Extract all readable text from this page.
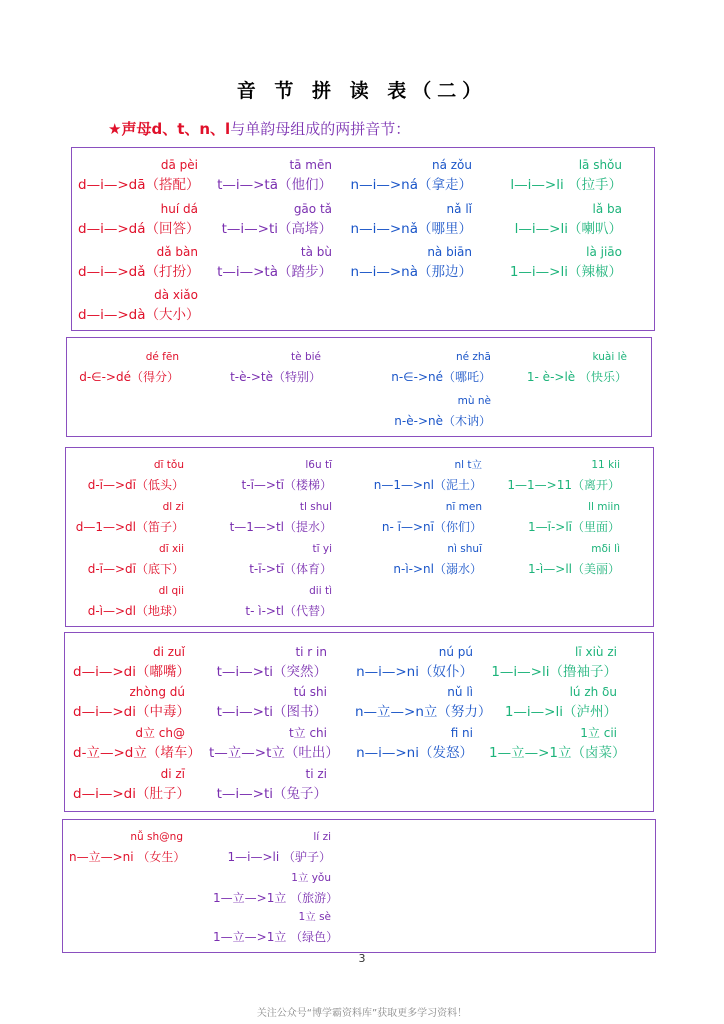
音 节 拼 读 表（二）
★声母d、t、n、l与单韵母组成的两拼音节：
dā pèi
d—i—>dā（搭配）
tā mēn
t—i—>tā（他们）
ná zǒu
n—i—>ná（拿走）
lā shǒu
l—i—>li （拉手）
huí dá
d—i—>dá（回答）
gāo tǎ
t—i—>ti（高塔）
nǎ lǐ
n—i—>nǎ（哪里）
lǎ ba
l—i—>li（喇叭）
dǎ bàn
d—i—>dǎ（打扮）
tà bù
t—i—>tà（踏步）
nà biān
n—i—>nà（那边）
là jiāo
1—i—>li（辣椒）
dà xiǎo
d—i—>dà（大小）
dé fēn
d-∈->dé（得分）
tè bié
t-è->tè（特别）
né zhā
n-∈->né（哪吒）
kuài lè
1- è->lè （快乐）
mù nè
n-è->nè（木讷）
dī tǒu
d-ī—>dī（低头）
l6u tī
t-ī—>tī（楼梯）
nl t立
n—1—>nl（泥土）
11 kii
1—1—>11（离开）
dl zi
d—1—>dl（笛子）
tl shul
t—1—>tl（提水）
nī men
n- ī—>nī（你们）
ll miin
1—ī->lī（里面）
dī xii
d-ī—>dī（底下）
tī yi
t-ī->tī（体育）
nì shuī
n-ì->nl（溺水）
mδi lì
1-ì—>ll（美丽）
dl qii
d-ì—>dl（地球）
dii tì
t- ì->tl（代替）
di zuǐ
d—i—>di（嘟嘴）
ti r in
t—i—>ti（突然）
nú pú
n—i—>ni（奴仆）
lī xiù zi
1—i—>li（撸袖子）
zhòng dú
d—i—>di（中毒）
tú shi
t—i—>ti（图书）
nǔ lì
n—立—>n立（努力）
lú zh δu
1—i—>li（泸州）
d立 ch@
d-立—>d立（堵车）
t立 chi
t—立—>t立（吐出）
fi ni
n—i—>ni（发怒）
1立 cii
1—立—>1立（卤菜）
di zī
d—i—>di（肚子）
ti zi
t—i—>ti（兔子）
nǚ sh@ng
n—立—>ni （女生）
lí zi
1—i—>li （驴子）
1立 yǒu
1—立—>1立 （旅游）
1立 sè
1—立—>1立 （绿色）
3
关注公众号“博学霸资料库”获取更多学习资料！
